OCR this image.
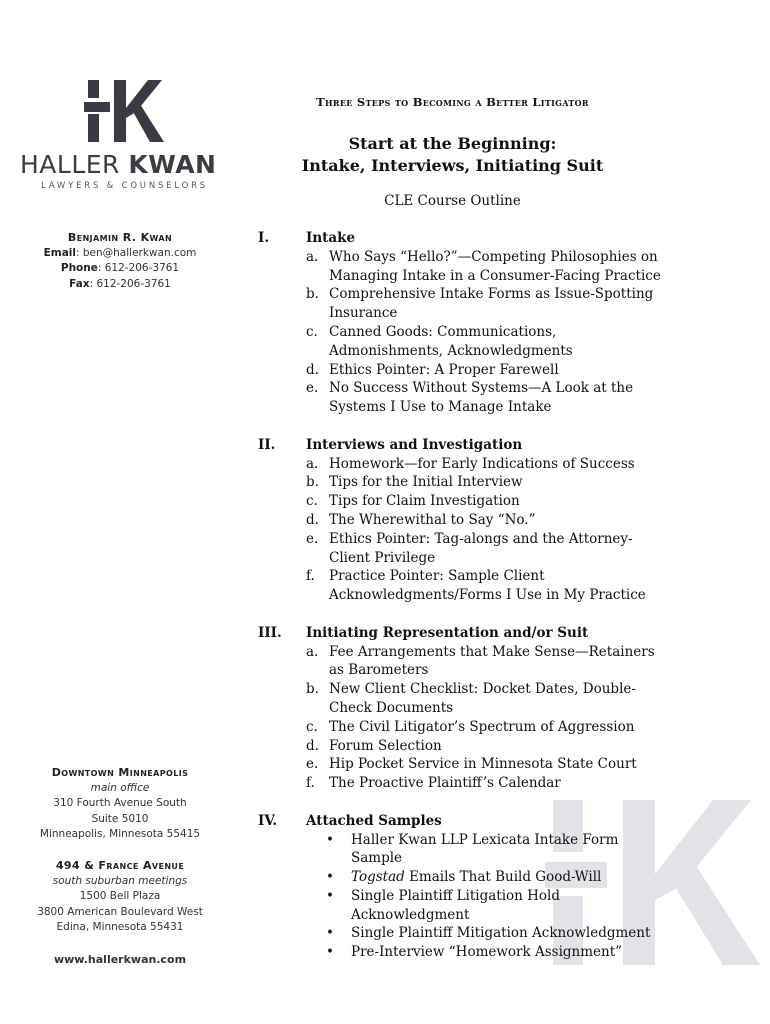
HALLER KWAN
LAWYERS & COUNSELORS
Benjamin R. Kwan
Email: ben@hallerkwan.com
Phone: 612-206-3761
Fax: 612-206-3761
Downtown Minneapolis
main office
310 Fourth Avenue South
Suite 5010
Minneapolis, Minnesota 55415
494 & France Avenue
south suburban meetings
1500 Bell Plaza
3800 American Boulevard West
Edina, Minnesota 55431
www.hallerkwan.com
Three Steps to Becoming a Better Litigator
Start at the Beginning:
Intake, Interviews, Initiating Suit
CLE Course Outline
I.	Intake
a. Who Says “Hello?”—Competing Philosophies on Managing Intake in a Consumer-Facing Practice
b. Comprehensive Intake Forms as Issue-Spotting Insurance
c. Canned Goods: Communications, Admonishments, Acknowledgments
d. Ethics Pointer: A Proper Farewell
e. No Success Without Systems—A Look at the Systems I Use to Manage Intake
II. Interviews and Investigation
a. Homework—for Early Indications of Success
b. Tips for the Initial Interview
c. Tips for Claim Investigation
d. The Wherewithal to Say “No.”
e. Ethics Pointer: Tag-alongs and the Attorney-Client Privilege
f. Practice Pointer: Sample Client Acknowledgments/Forms I Use in My Practice
III. Initiating Representation and/or Suit
a. Fee Arrangements that Make Sense—Retainers as Barometers
b. New Client Checklist: Docket Dates, Double-Check Documents
c. The Civil Litigator’s Spectrum of Aggression
d. Forum Selection
e. Hip Pocket Service in Minnesota State Court
f. The Proactive Plaintiff’s Calendar
IV. Attached Samples
• Haller Kwan LLP Lexicata Intake Form Sample
• Togstad Emails That Build Good-Will
• Single Plaintiff Litigation Hold Acknowledgment
• Single Plaintiff Mitigation Acknowledgment
• Pre-Interview “Homework Assignment”
